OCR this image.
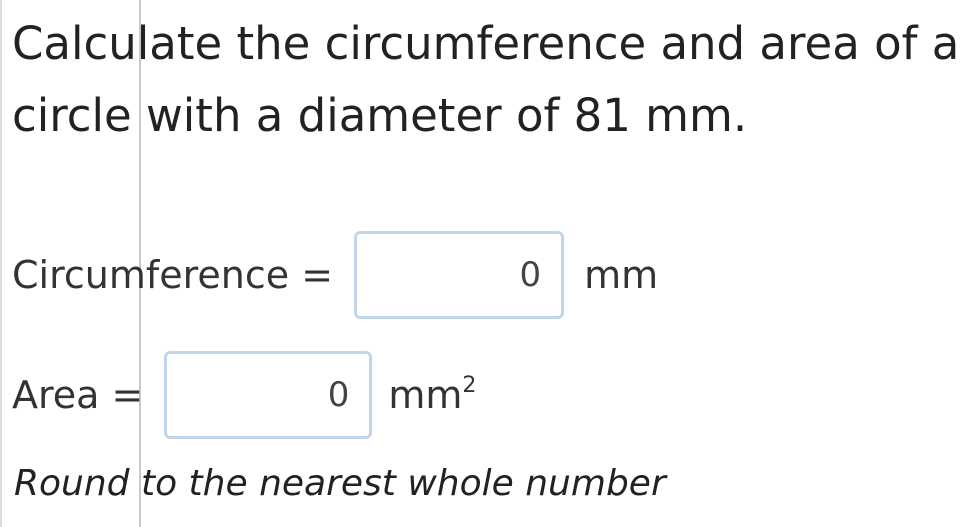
Calculate the circumference and area of a circle with a diameter of 81 mm.
Circumference =	0 mm
Area =	0 $mm^2$

Round to the nearest whole number
